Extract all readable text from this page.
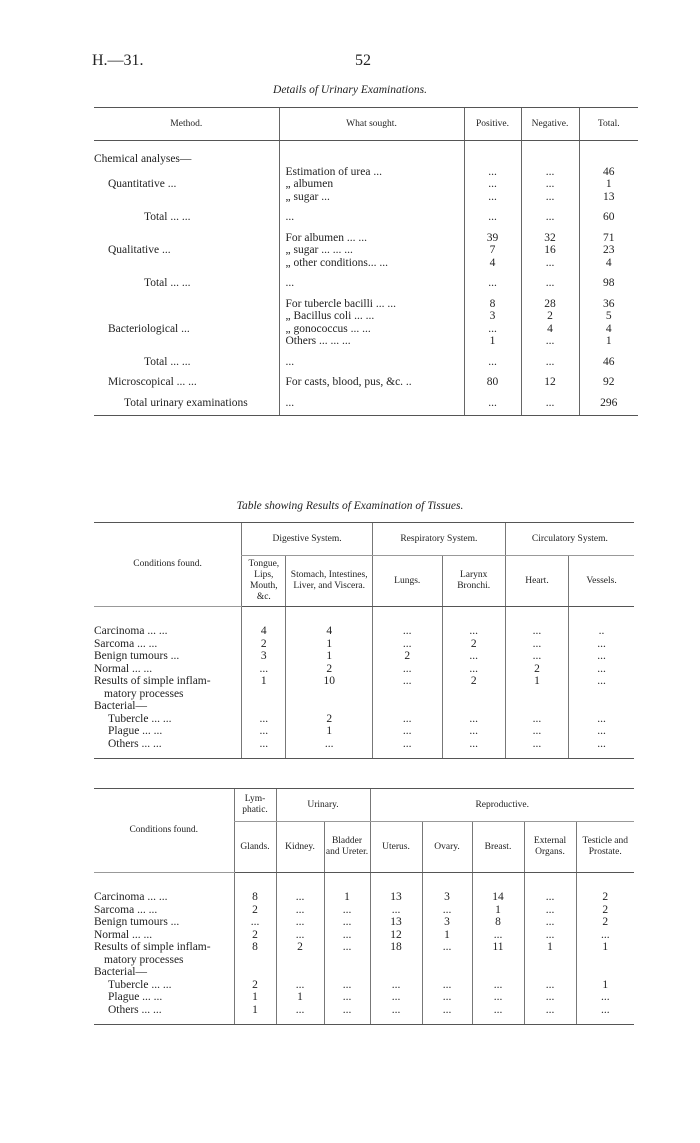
H.—31.	52
Details of Urinary Examinations.
Method.	What sought.	Positive.	Negative.	Total.
Chemical analyses—				
	Estimation of urea ...	...	...	46
Quantitative ...	„ albumen	...	...	1
	„ sugar ...	...	...	13
Total ... ...	...	...	...	60
	For albumen ... ...	39	32	71
Qualitative ...	„ sugar ... ... ...	7	16	23
	„ other conditions... ...	4	...	4
Total ... ...	...	...	...	98
	For tubercle bacilli ... ...	8	28	36
	„ Bacillus coli ... ...	3	2	5
Bacteriological ...	„ gonococcus ... ...	...	4	4
	Others ... ... ...	1	...	1
Total ... ...	...	...	...	46
Microscopical ... ...	For casts, blood, pus, &c. ..	80	12	92
Total urinary examinations	...	...	...	296
Table showing Results of Examination of Tissues.
Conditions found.	Digestive System.		Respiratory System.		Circulatory System.	
	Tongue, Lips, Mouth, &c.	Stomach, Intestines, Liver, and Viscera.	Lungs.	Larynx Bronchi.	Heart.	Vessels.
Carcinoma ... ...	4	4	...	...	...	..
Sarcoma ... ...	2	1	...	2	...	...
Benign tumours ...	3	1	2	...	...	...
Normal ... ...	...	2	...	...	2	...
Results of simple inflam-	1	10	...	2	1	...
matory processes						
Bacterial—						
Tubercle ... ...	...	2	...	...	...	...
Plague ... ...	...	1	...	...	...	...
Others ... ...	...	...	...	...	...	...
Conditions found.	Lym-phatic.	Urinary.		Reproductive.				
	Glands.	Kidney.	Bladder and Ureter.	Uterus.	Ovary.	Breast.	External Organs.	Testicle and Prostate.
Carcinoma ... ...	8	...	1	13	3	14	...	2
Sarcoma ... ...	2	...	...	...	...	1	...	2
Benign tumours ...	...	...	...	13	3	8	...	2
Normal ... ...	2	...	...	12	1	...	...	...
Results of simple inflam-	8	2	...	18	...	11	1	1
matory processes								
Bacterial—								
Tubercle ... ...	2	...	...	...	...	...	...	1
Plague ... ...	1	1	...	...	...	...	...	...
Others ... ...	1	...	...	...	...	...	...	...
